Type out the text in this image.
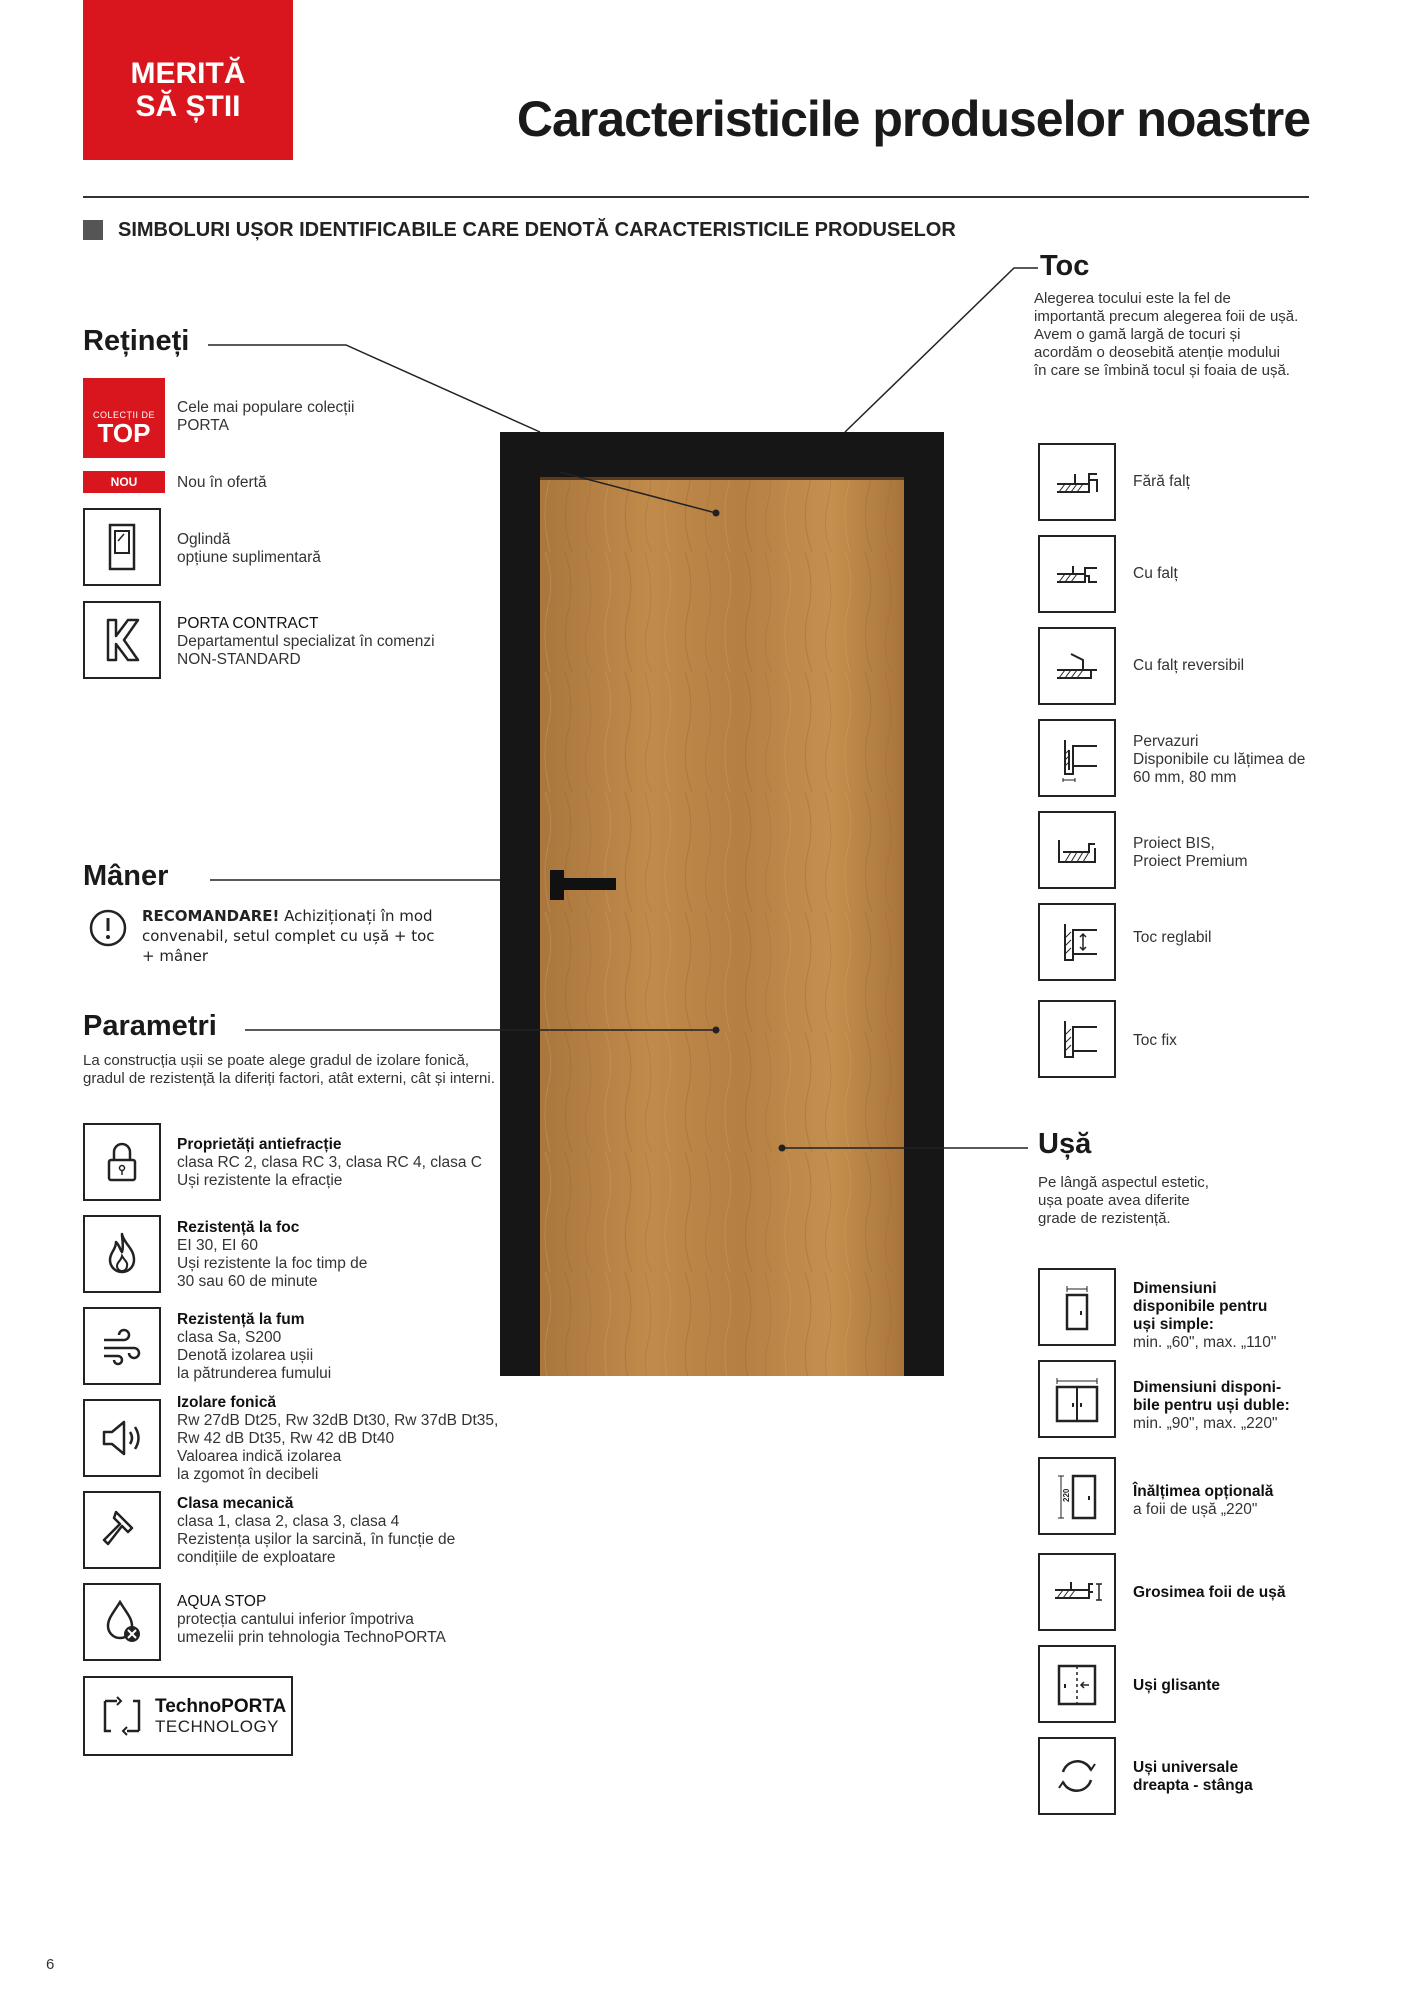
MERITĂ
SĂ ȘTII	Caracteristicile produselor noastre
SIMBOLURI UȘOR IDENTIFICABILE CARE DENOTĂ CARACTERISTICILE PRODUSELOR
Rețineți
COLECȚII DE
TOP
Cele mai populare colecții
PORTA
NOU	Nou în ofertă
Oglindă
opțiune suplimentară
PORTA CONTRACT
Departamentul specializat în comenzi
NON-STANDARD
Toc
Alegerea tocului este la fel de
importantă precum alegerea foii de ușă.
Avem o gamă largă de tocuri și
acordăm o deosebită atenție modului
în care se îmbină tocul și foaia de ușă.
Fără falț
Cu falț
Cu falț reversibil
Pervazuri
Disponibile cu lățimea de
60 mm, 80 mm
Proiect BIS,
Proiect Premium
Toc reglabil
Toc fix
Mâner
RECOMANDARE! Achiziționați în mod
convenabil, setul complet cu ușă + toc
+ mâner
Parametri
La construcția ușii se poate alege gradul de izolare fonică,
gradul de rezistență la diferiți factori, atât externi, cât și interni.
Proprietăți antiefracție
clasa RC 2, clasa RC 3, clasa RC 4, clasa C
Uși rezistente la efracție
Rezistență la foc
EI 30, EI 60
Uși rezistente la foc timp de
30 sau 60 de minute
Rezistență la fum
clasa Sa, S200
Denotă izolarea ușii
la pătrunderea fumului
Izolare fonică
Rw 27dB Dt25, Rw 32dB Dt30, Rw 37dB Dt35,
Rw 42 dB Dt35, Rw 42 dB Dt40
Valoarea indică izolarea
la zgomot în decibeli
Clasa mecanică
clasa 1, clasa 2, clasa 3, clasa 4
Rezistența ușilor la sarcină, în funcție de
condițiile de exploatare
AQUA STOP
protecția cantului inferior împotriva
umezelii prin tehnologia TechnoPORTA
TechnoPORTA
TECHNOLOGY
Ușă
Pe lângă aspectul estetic,
ușa poate avea diferite
grade de rezistență.
Dimensiuni
disponibile pentru
uși simple:
min. „60", max. „110"
Dimensiuni disponi-
bile pentru uși duble:
min. „90", max. „220"
220	Înălțimea opțională
a foii de ușă „220"
Grosimea foii de ușă
Uși glisante
Uși universale
dreapta - stânga
6
